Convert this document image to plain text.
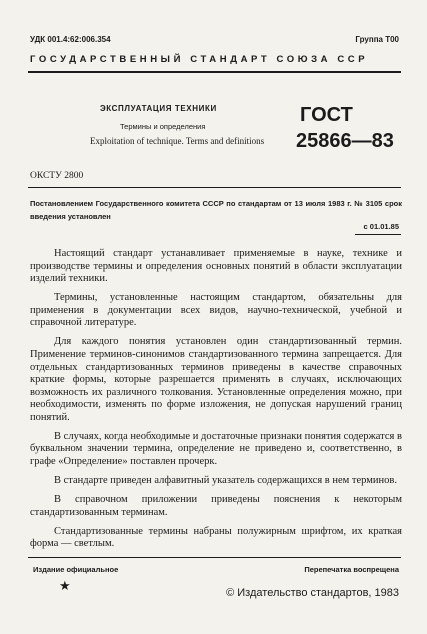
УДК 001.4:62:006.354	Группа Т00
ГОСУДАРСТВЕННЫЙ СТАНДАРТ СОЮЗА ССР
ЭКСПЛУАТАЦИЯ ТЕХНИКИ
Термины и определения
Exploitation of technique. Terms and definitions
ГОСТ
25866—83
ОКСТУ 2800
Постановлением Государственного комитета СССР по стандартам от 13 июля 1983 г. № 3105 срок введения установлен
с 01.01.85

Настоящий стандарт устанавливает применяемые в науке, технике и производстве термины и определения основных понятий в области эксплуатации изделий техники.

Термины, установленные настоящим стандартом, обязательны для применения в документации всех видов, научно-технической, учебной и справочной литературе.

Для каждого понятия установлен один стандартизованный термин. Применение терминов-синонимов стандартизованного термина запрещается. Для отдельных стандартизованных терминов приведены в качестве справочных краткие формы, которые разрешается применять в случаях, исключающих возможность их различного толкования. Установленные определения можно, при необходимости, изменять по форме изложения, не допуская нарушений границ понятий.

В случаях, когда необходимые и достаточные признаки понятия содержатся в буквальном значении термина, определение не приведено и, соответственно, в графе «Определение» поставлен прочерк.

В стандарте приведен алфавитный указатель содержащихся в нем терминов.

В справочном приложении приведены пояснения к некоторым стандартизованным терминам.

Стандартизованные термины набраны полужирным шрифтом, их краткая форма — светлым.

Издание официальное	Перепечатка воспрещена
★	© Издательство стандартов, 1983
